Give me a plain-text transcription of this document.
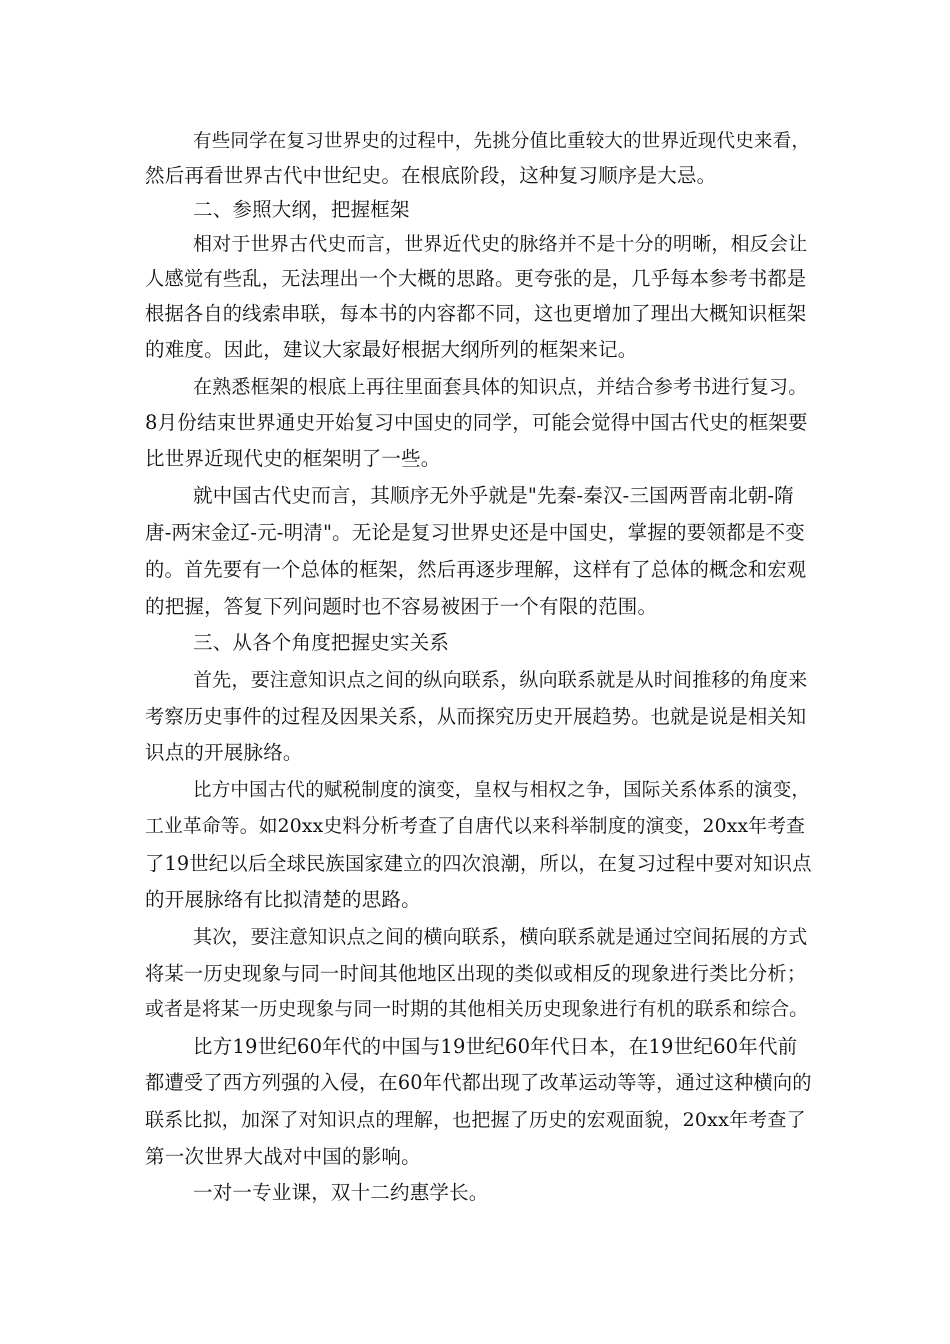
有些同学在复习世界史的过程中，先挑分值比重较大的世界近现代史来看，
然后再看世界古代中世纪史。在根底阶段，这种复习顺序是大忌。
二、参照大纲，把握框架
相对于世界古代史而言，世界近代史的脉络并不是十分的明晰，相反会让
人感觉有些乱，无法理出一个大概的思路。更夸张的是，几乎每本参考书都是
根据各自的线索串联，每本书的内容都不同，这也更增加了理出大概知识框架
的难度。因此，建议大家最好根据大纲所列的框架来记。
在熟悉框架的根底上再往里面套具体的知识点，并结合参考书进行复习。
8月份结束世界通史开始复习中国史的同学，可能会觉得中国古代史的框架要
比世界近现代史的框架明了一些。
就中国古代史而言，其顺序无外乎就是"先秦-秦汉-三国两晋南北朝-隋
唐-两宋金辽-元-明清"。无论是复习世界史还是中国史，掌握的要领都是不变
的。首先要有一个总体的框架，然后再逐步理解，这样有了总体的概念和宏观
的把握，答复下列问题时也不容易被困于一个有限的范围。
三、从各个角度把握史实关系
首先，要注意知识点之间的纵向联系，纵向联系就是从时间推移的角度来
考察历史事件的过程及因果关系，从而探究历史开展趋势。也就是说是相关知
识点的开展脉络。
比方中国古代的赋税制度的演变，皇权与相权之争，国际关系体系的演变，
工业革命等。如20xx史料分析考查了自唐代以来科举制度的演变，20xx年考查
了19世纪以后全球民族国家建立的四次浪潮，所以，在复习过程中要对知识点
的开展脉络有比拟清楚的思路。
其次，要注意知识点之间的横向联系，横向联系就是通过空间拓展的方式
将某一历史现象与同一时间其他地区出现的类似或相反的现象进行类比分析；
或者是将某一历史现象与同一时期的其他相关历史现象进行有机的联系和综合。
比方19世纪60年代的中国与19世纪60年代日本，在19世纪60年代前
都遭受了西方列强的入侵，在60年代都出现了改革运动等等，通过这种横向的
联系比拟，加深了对知识点的理解，也把握了历史的宏观面貌，20xx年考查了
第一次世界大战对中国的影响。
一对一专业课，双十二约惠学长。
